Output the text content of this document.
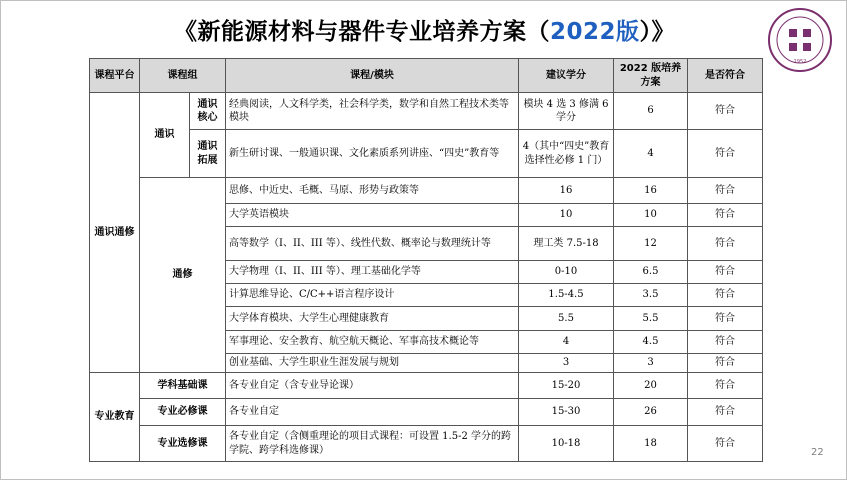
《新能源材料与器件专业培养方案（2022版）》
1952
课程平台	课程组		课程/模块	建议学分	2022 版培养方案	是否符合
通识通修	通识	通识核心	经典阅读，人文科学类，社会科学类，数学和自然工程技术类等模块	模块 4 选 3 修满 6 学分	6	符合
		通识拓展	新生研讨课、一般通识课、文化素质系列讲座、“四史”教育等	4（其中“四史”教育选择性必修 1 门）	4	符合
	通修		思修、中近史、毛概、马原、形势与政策等	16	16	符合
			大学英语模块	10	10	符合
			高等数学（I、II、III 等）、线性代数、概率论与数理统计等	理工类 7.5-18	12	符合
			大学物理（I、II、III 等）、理工基础化学等	0-10	6.5	符合
			计算思维导论、C/C++语言程序设计	1.5-4.5	3.5	符合
			大学体育模块、大学生心理健康教育	5.5	5.5	符合
			军事理论、安全教育、航空航天概论、军事高技术概论等	4	4.5	符合
			创业基础、大学生职业生涯发展与规划	3	3	符合
专业教育	学科基础课		各专业自定（含专业导论课）	15-20	20	符合
	专业必修课		各专业自定	15-30	26	符合
	专业选修课		各专业自定（含侧重理论的项目式课程：可设置 1.5-2 学分的跨学院、跨学科选修课）	10-18	18	符合
22
